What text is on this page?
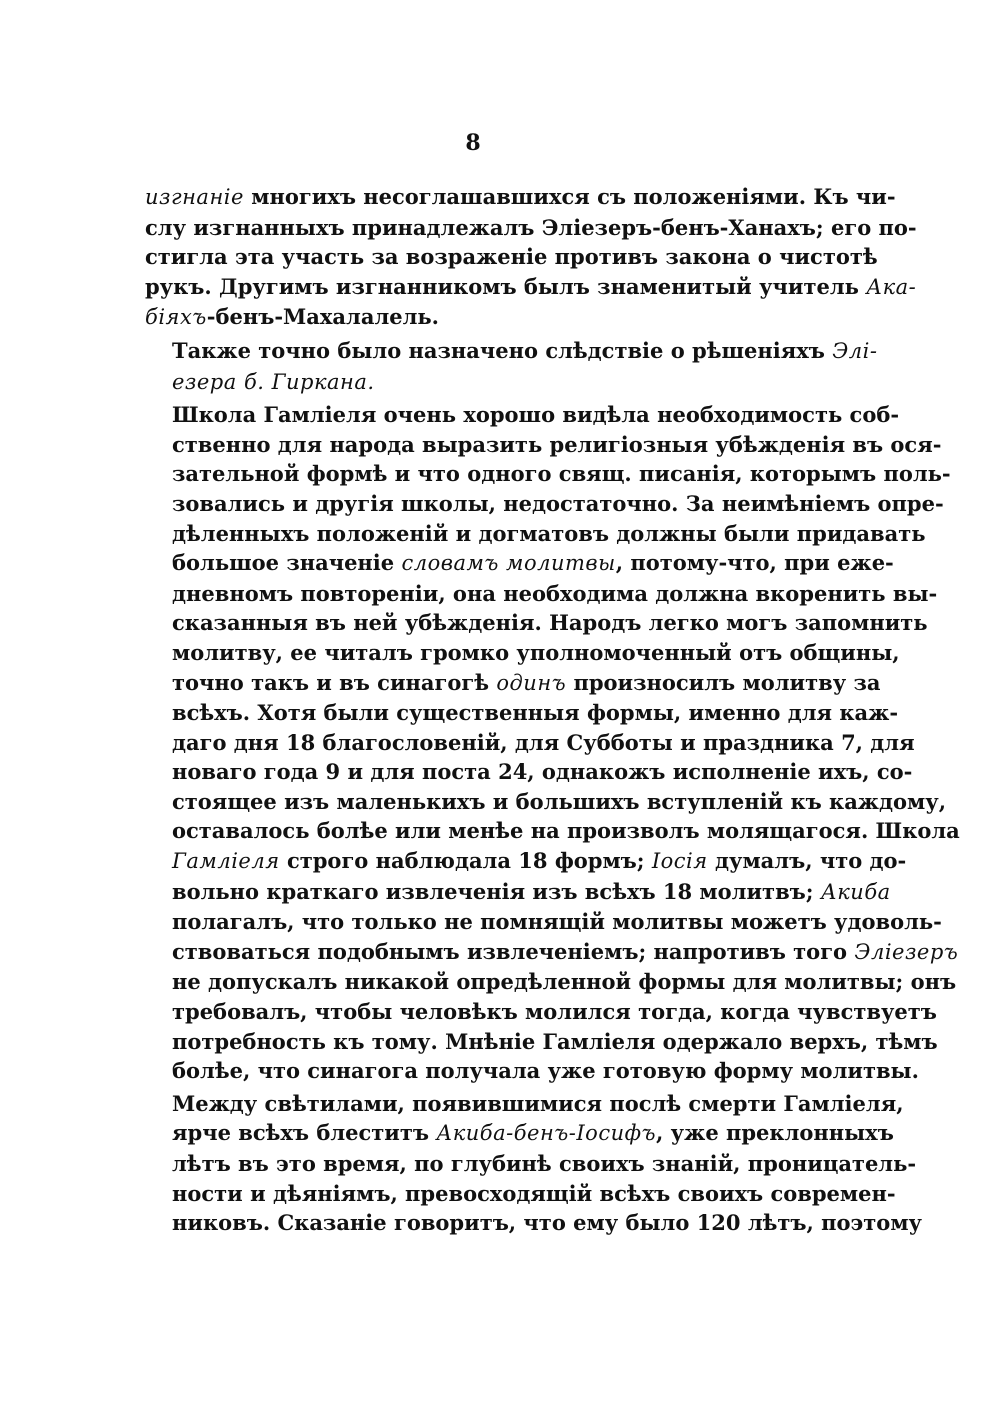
8
изгнанiе многихъ несоглашавшихся съ положенiями. Къ чи-
слу изгнанныхъ принадлежалъ Элiезеръ-бенъ-Ханахъ; его по-
стигла эта участь за возраженiе противъ закона о чистотѣ
рукъ. Другимъ изгнанникомъ былъ знаменитый учитель Ака-
бiяхъ-бенъ-Махалалель.
Также точно было назначено слѣдствiе о рѣшенiяхъ Элi-
езера б. Гиркана.
Школа Гамлiеля очень хорошо видѣла необходимость соб-
ственно для народа выразить религiозныя убѣжденiя въ ося-
зательной формѣ и что одного свящ. писанiя, которымъ поль-
зовались и другiя школы, недостаточно. За неимѣнiемъ опре-
дѣленныхъ положенiй и догматовъ должны были придавать
большое значенiе словамъ молитвы, потому-что, при еже-
дневномъ повторенiи, она необходима должна вкоренить вы-
сказанныя въ ней убѣжденiя. Народъ легко могъ запомнить
молитву, ее читалъ громко уполномоченный отъ общины,
точно такъ и въ синагогѣ одинъ произносилъ молитву за
всѣхъ. Хотя были существенныя формы, именно для каж-
даго дня 18 благословенiй, для Субботы и праздника 7, для
новаго года 9 и для поста 24, однакожъ исполненiе ихъ, со-
стоящее изъ маленькихъ и большихъ вступленiй къ каждому,
оставалось болѣе или менѣе на произволъ молящагося. Школа
Гамлiеля строго наблюдала 18 формъ; Iосiя думалъ, что до-
вольно краткаго извлеченiя изъ всѣхъ 18 молитвъ; Акиба
полагалъ, что только не помнящiй молитвы можетъ удоволь-
ствоваться подобнымъ извлеченiемъ; напротивъ того Элiезеръ
не допускалъ никакой опредѣленной формы для молитвы; онъ
требовалъ, чтобы человѣкъ молился тогда, когда чувствуетъ
потребность къ тому. Мнѣнiе Гамлiеля одержало верхъ, тѣмъ
болѣе, что синагога получала уже готовую форму молитвы.
Между свѣтилами, появившимися послѣ смерти Гамлiеля,
ярче всѣхъ блеститъ Акиба-бенъ-Iосифъ, уже преклонныхъ
лѣтъ въ это время, по глубинѣ своихъ знанiй, проницатель-
ности и дѣянiямъ, превосходящiй всѣхъ своихъ современ-
никовъ. Сказанiе говоритъ, что ему было 120 лѣтъ, поэтому
